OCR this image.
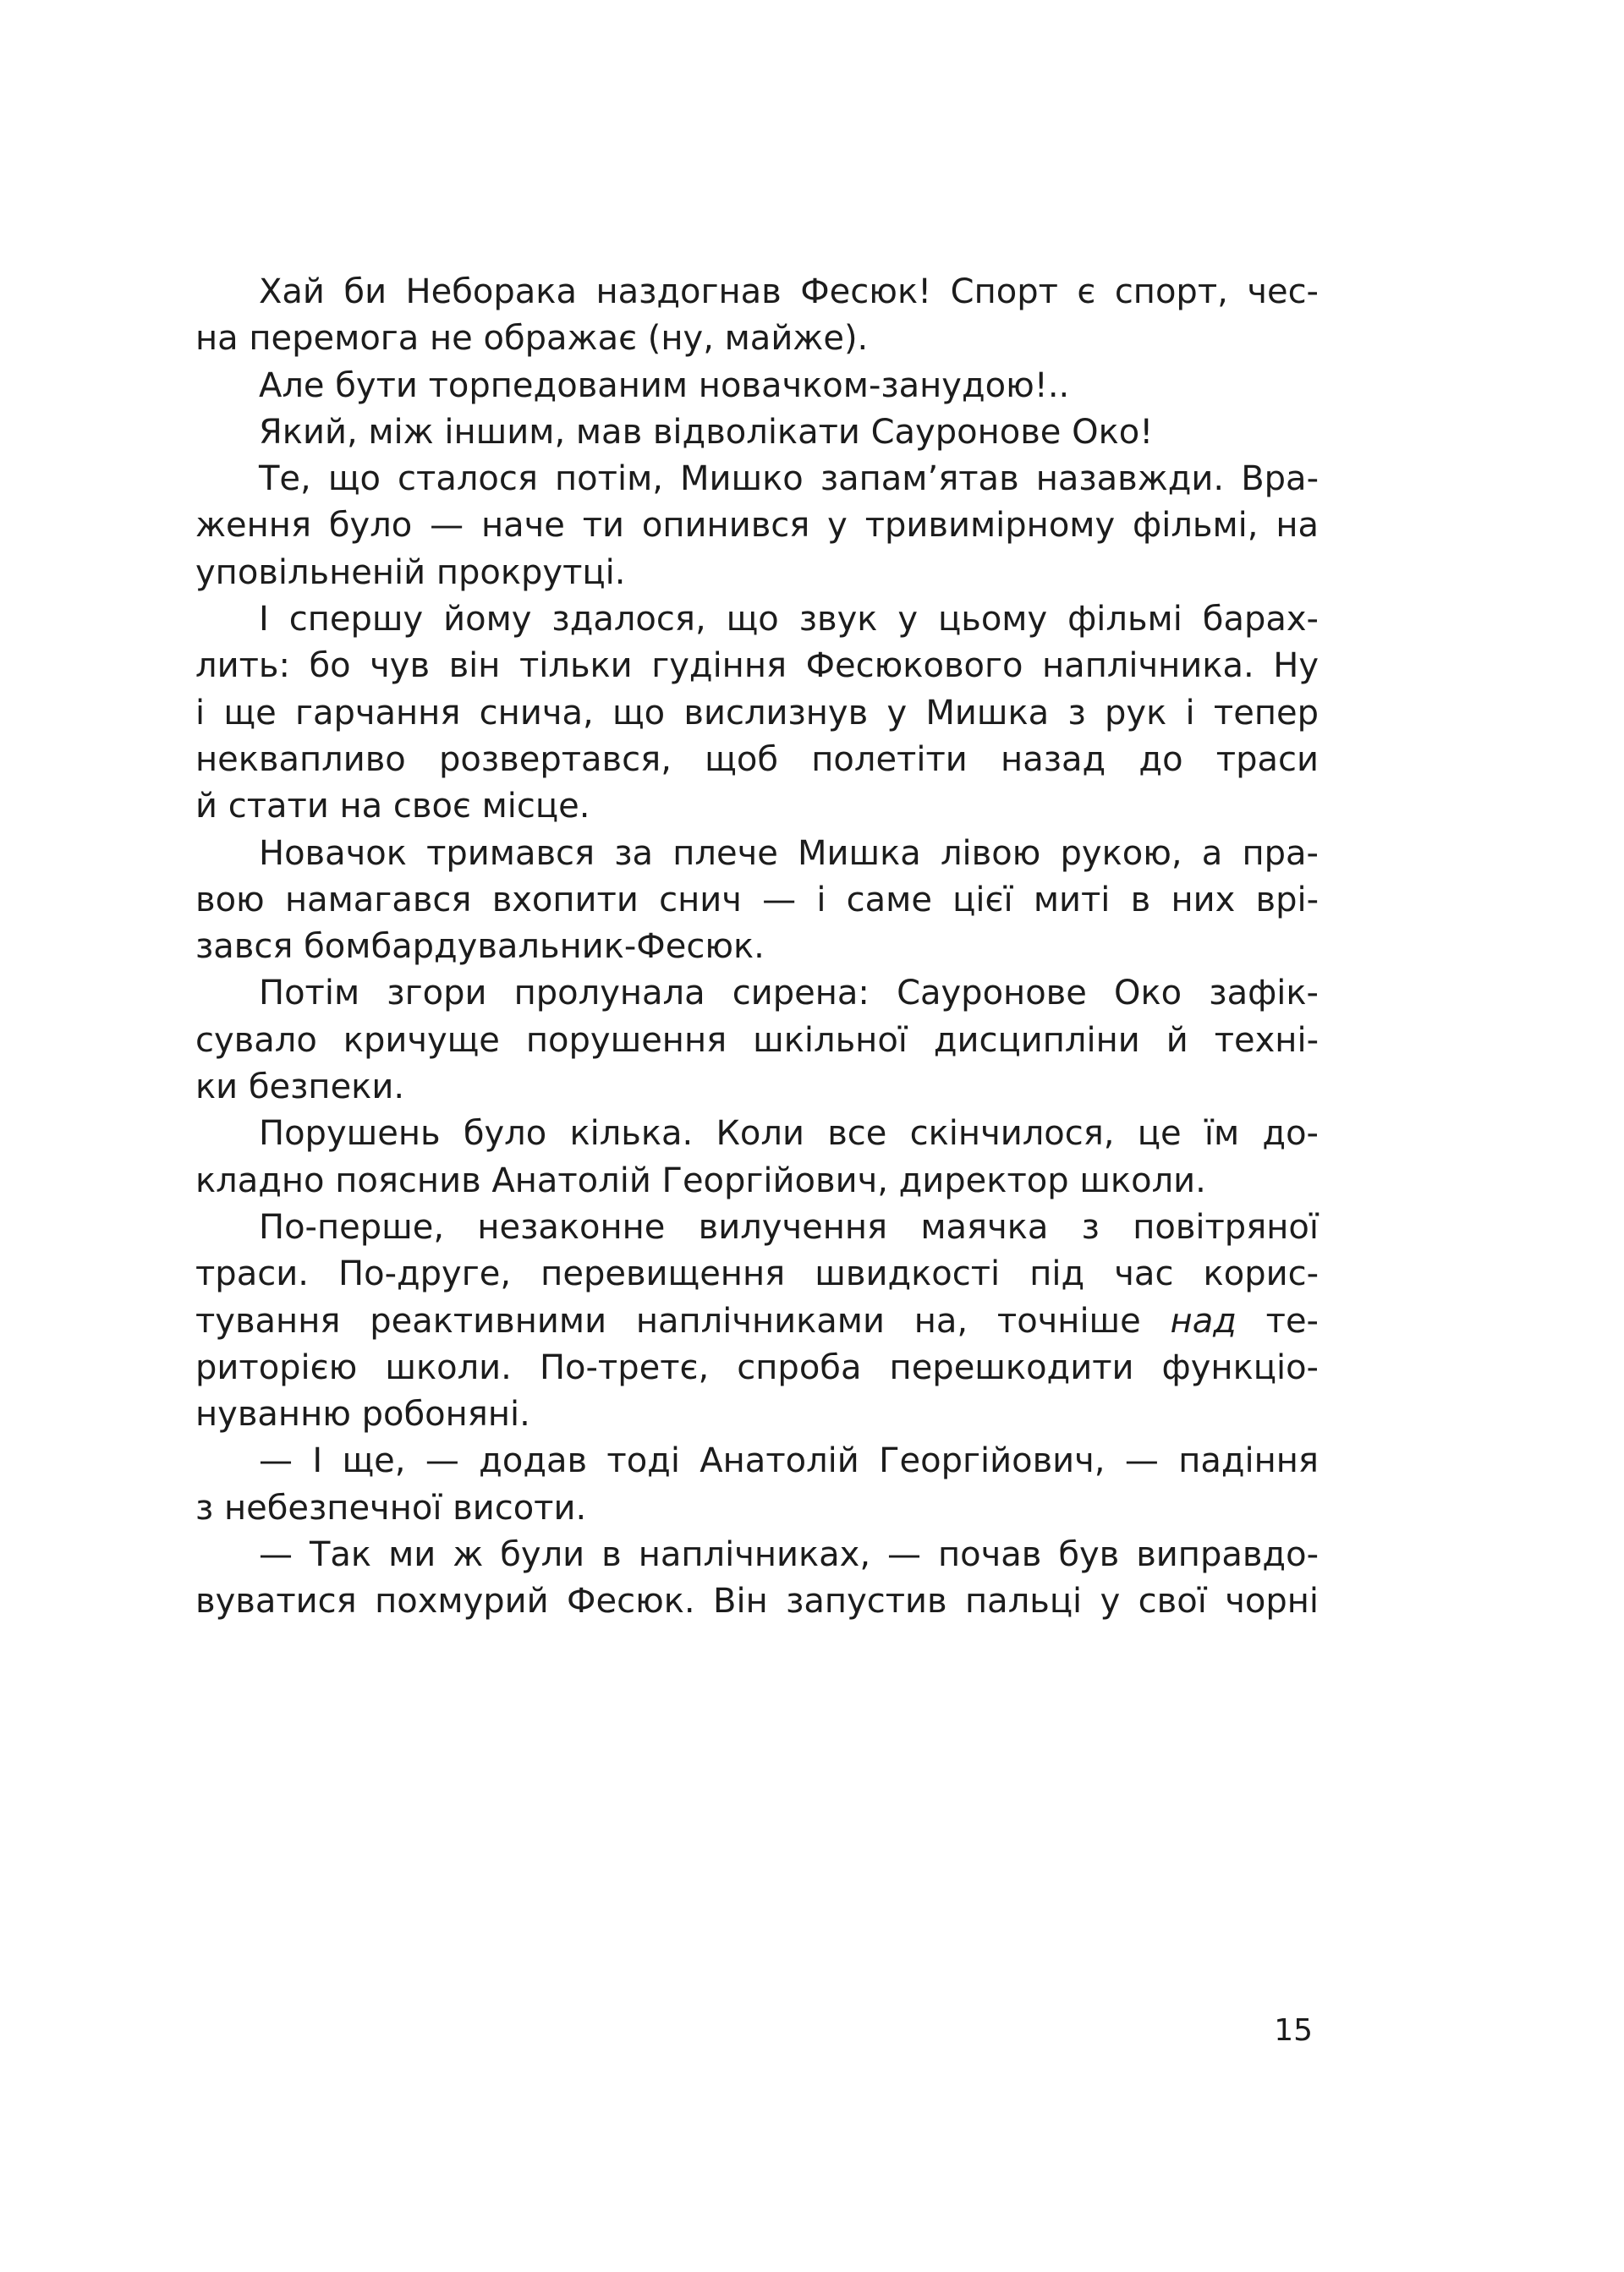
Хай би Неборака наздогнав Фесюк! Спорт є спорт, чес-
на перемога не ображає (ну, майже).
Але бути торпедованим новачком-занудою!..
Який, між іншим, мав відволікати Сауронове Око!
Те, що сталося потім, Мишко запам’ятав назавжди. Вра-
ження було — наче ти опинився у тривимірному фільмі, на
уповільненій прокрутці.
І спершу йому здалося, що звук у цьому фільмі барах-
лить: бо чув він тільки гудіння Фесюкового наплічника. Ну
і ще гарчання снича, що вислизнув у Мишка з рук і тепер
неквапливо розвертався, щоб полетіти назад до траси
й стати на своє місце.
Новачок тримався за плече Мишка лівою рукою, а пра-
вою намагався вхопити снич — і саме цієї миті в них врі-
зався бомбардувальник-Фесюк.
Потім згори пролунала сирена: Сауронове Око зафік-
сувало кричуще порушення шкільної дисципліни й техні-
ки безпеки.
Порушень було кілька. Коли все скінчилося, це їм до-
кладно пояснив Анатолій Георгійович, директор школи.
По-перше, незаконне вилучення маячка з повітряної
траси. По-друге, перевищення швидкості під час корис-
тування реактивними наплічниками на, точніше над те-
риторією школи. По-третє, спроба перешкодити функціо-
нуванню робоняні.
— І ще, — додав тоді Анатолій Георгійович, — падіння
з небезпечної висоти.
— Так ми ж були в наплічниках, — почав був виправдо-
вуватися похмурий Фесюк. Він запустив пальці у свої чорні
15
